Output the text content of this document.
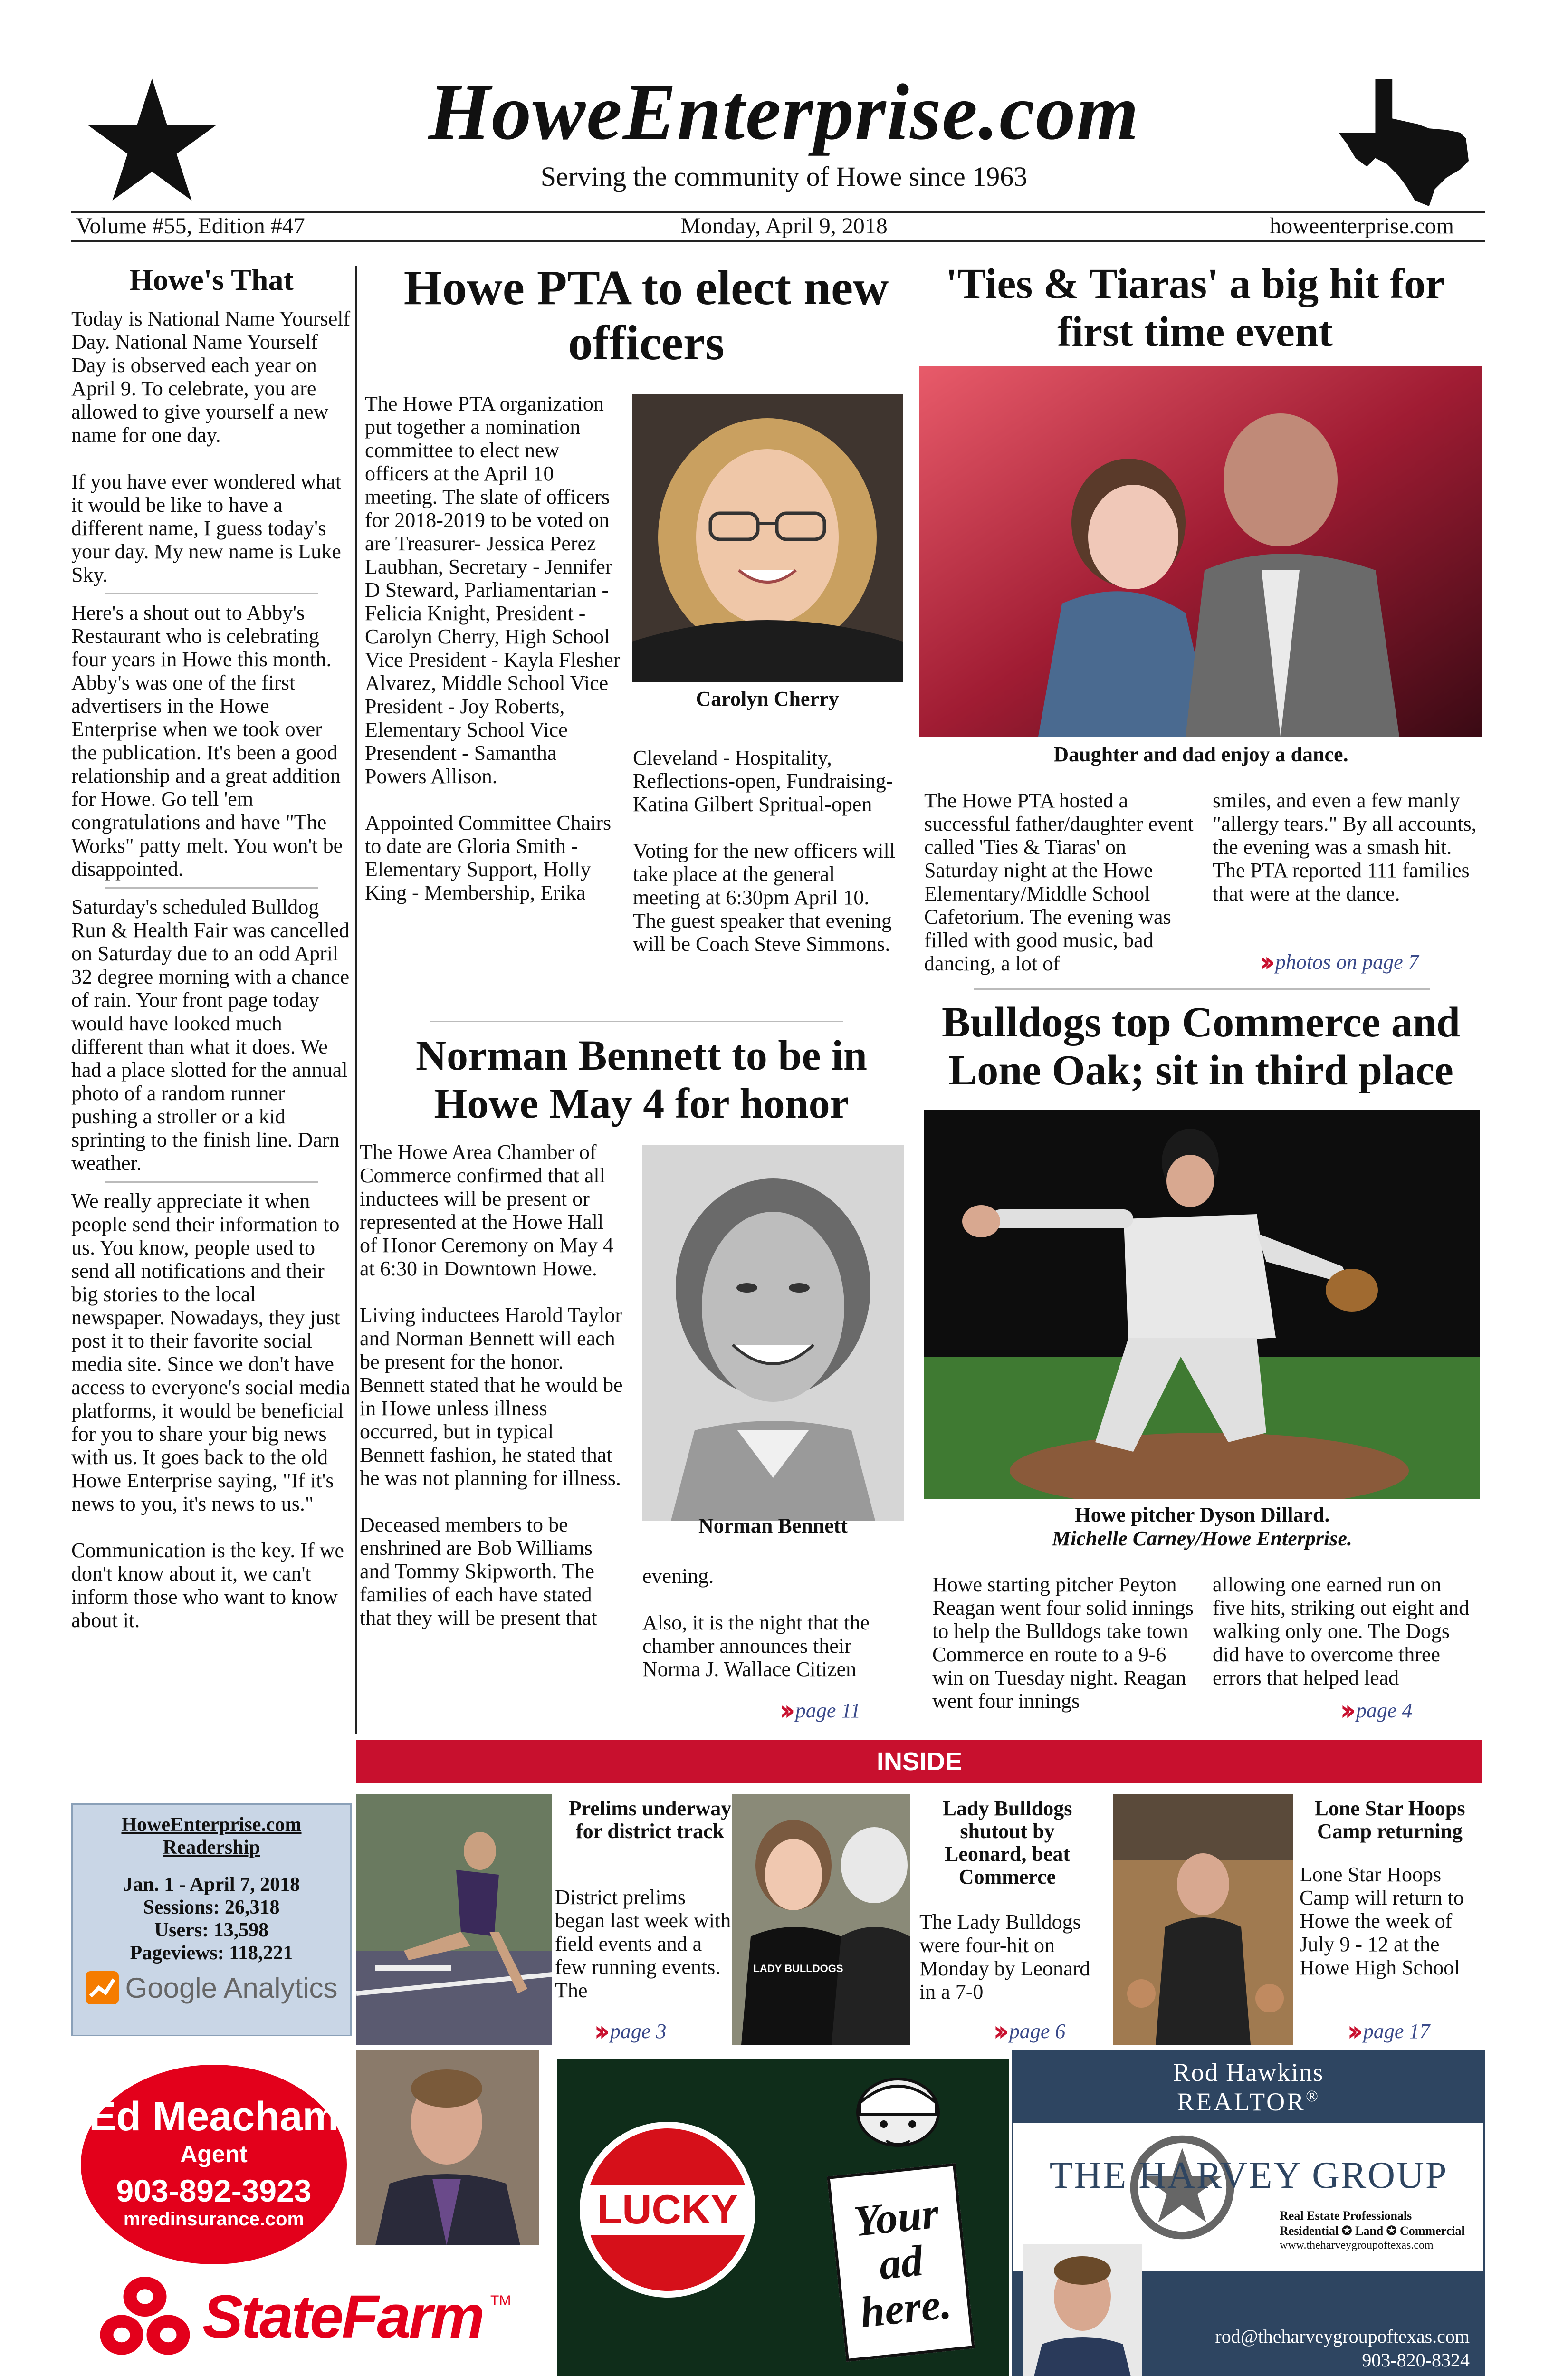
HoweEnterprise.com
Serving the community of Howe since 1963
Volume #55, Edition #47	Monday, April 9, 2018	howeenterprise.com
Howe's That

Today is National Name Yourself Day. National Name Yourself Day is observed each year on April 9. To celebrate, you are allowed to give yourself a new name for one day.

If you have ever wondered what it would be like to have a different name, I guess today's your day. My new name is Luke Sky.

Here's a shout out to Abby's Restaurant who is celebrating four years in Howe this month. Abby's was one of the first advertisers in the Howe Enterprise when we took over the publication. It's been a good relationship and a great addition for Howe. Go tell 'em congratulations and have "The Works" patty melt. You won't be disappointed.

Saturday's scheduled Bulldog Run & Health Fair was cancelled on Saturday due to an odd April 32 degree morning with a chance of rain. Your front page today would have looked much different than what it does. We had a place slotted for the annual photo of a random runner pushing a stroller or a kid sprinting to the finish line. Darn weather.

We really appreciate it when people send their information to us. You know, people used to send all notifications and their big stories to the local newspaper. Nowadays, they just post it to their favorite social media site. Since we don't have access to everyone's social media platforms, it would be beneficial for you to share your big news with us. It goes back to the old Howe Enterprise saying, "If it's news to you, it's news to us."

Communication is the key. If we don't know about it, we can't inform those who want to know about it.

HoweEnterprise.com
Readership
Jan. 1 - April 7, 2018
Sessions: 26,318
Users: 13,598
Pageviews: 118,221
Google Analytics
Howe PTA to elect new officers

The Howe PTA organization put together a nomination committee to elect new officers at the April 10 meeting. The slate of officers for 2018-2019 to be voted on are Treasurer- Jessica Perez Laubhan, Secretary - Jennifer D Steward, Parliamentarian - Felicia Knight, President - Carolyn Cherry, High School Vice President - Kayla Flesher Alvarez, Middle School Vice President - Joy Roberts, Elementary School Vice Presendent - Samantha Powers Allison.

Appointed Committee Chairs to date are Gloria Smith - Elementary Support, Holly King - Membership, Erika

Carolyn Cherry

Cleveland - Hospitality, Reflections-open, Fundraising- Katina Gilbert Spritual-open

Voting for the new officers will take place at the general meeting at 6:30pm April 10. The guest speaker that evening will be Coach Steve Simmons.

Norman Bennett to be in Howe May 4 for honor

The Howe Area Chamber of Commerce confirmed that all inductees will be present or represented at the Howe Hall of Honor Ceremony on May 4 at 6:30 in Downtown Howe.

Living inductees Harold Taylor and Norman Bennett will each be present for the honor. Bennett stated that he would be in Howe unless illness occurred, but in typical Bennett fashion, he stated that he was not planning for illness.

Deceased members to be enshrined are Bob Williams and Tommy Skipworth. The families of each have stated that they will be present that

Norman Bennett

evening.

Also, it is the night that the chamber announces their Norma J. Wallace Citizen

›› page 11
'Ties & Tiaras' a big hit for first time event
Daughter and dad enjoy a dance.
The Howe PTA hosted a successful father/daughter event called 'Ties & Tiaras' on Saturday night at the Howe Elementary/Middle School Cafetorium. The evening was filled with good music, bad dancing, a lot of
smiles, and even a few manly "allergy tears." By all accounts, the evening was a smash hit. The PTA reported 111 families that were at the dance.
›› photos on page 7
Bulldogs top Commerce and Lone Oak; sit in third place
Howe pitcher Dyson Dillard.
Michelle Carney/Howe Enterprise.
Howe starting pitcher Peyton Reagan went four solid innings to help the Bulldogs take town Commerce en route to a 9-6 win on Tuesday night. Reagan went four innings
allowing one earned run on five hits, striking out eight and walking only one. The Dogs did have to overcome three errors that helped lead
›› page 4
INSIDE
Prelims underway for district track
District prelims began last week with field events and a few running events. The
›› page 3
LADY BULLDOGS
Lady Bulldogs shutout by Leonard, beat Commerce
The Lady Bulldogs were four-hit on Monday by Leonard in a 7-0
›› page 6
Lone Star Hoops Camp returning
Lone Star Hoops Camp will return to Howe the week of July 9 - 12 at the Howe High School
›› page 17
Ed Meacham
Agent
903-892-3923
mredinsurance.com
StateFarm TM
LUCKY	Your ad here.
Rod Hawkins
REALTOR®
THE HARVEY GROUP
Real Estate Professionals
Residential ✪ Land ✪ Commercial
www.theharveygroupoftexas.com
rod@theharveygroupoftexas.com
903-820-8324
